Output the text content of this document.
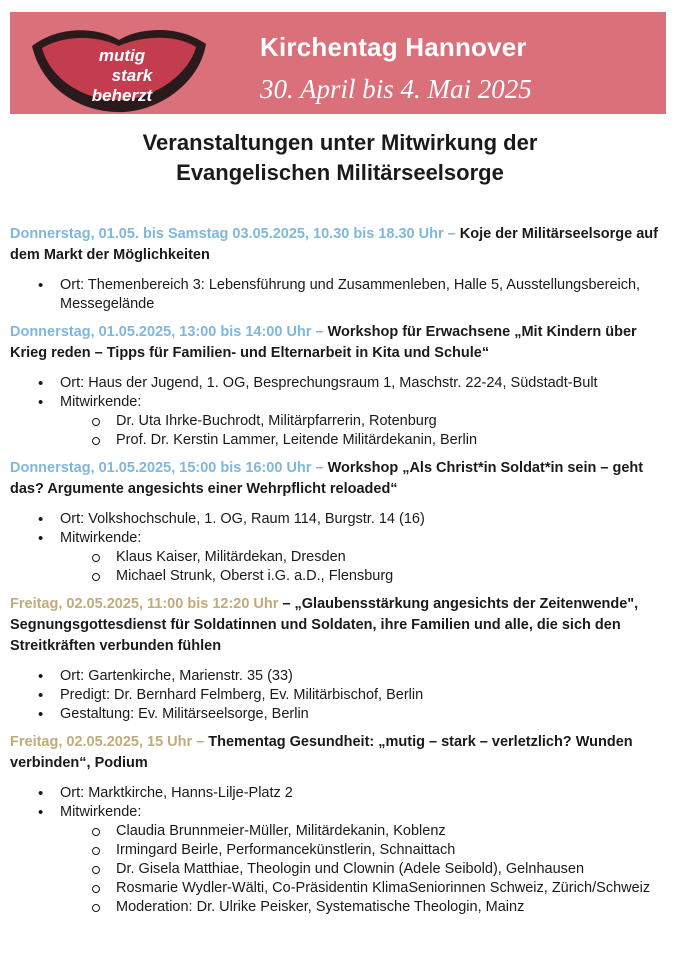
mutig
stark
beherzt
Kirchentag Hannover
30. April bis 4. Mai 2025
Veranstaltungen unter Mitwirkung der
Evangelischen Militärseelsorge

Donnerstag, 01.05. bis Samstag 03.05.2025, 10.30 bis 18.30 Uhr – Koje der Militärseelsorge auf dem Markt der Möglichkeiten

• Ort: Themenbereich 3: Lebensführung und Zusammenleben, Halle 5, Ausstellungsbereich, Messegelände

Donnerstag, 01.05.2025, 13:00 bis 14:00 Uhr – Workshop für Erwachsene „Mit Kindern über Krieg reden – Tipps für Familien- und Elternarbeit in Kita und Schule“

• Ort: Haus der Jugend, 1. OG, Besprechungsraum 1, Maschstr. 22-24, Südstadt-Bult
• Mitwirkende:
Dr. Uta Ihrke-Buchrodt, Militärpfarrerin, Rotenburg
Prof. Dr. Kerstin Lammer, Leitende Militärdekanin, Berlin

Donnerstag, 01.05.2025, 15:00 bis 16:00 Uhr – Workshop „Als Christ*in Soldat*in sein – geht das? Argumente angesichts einer Wehrpflicht reloaded“

• Ort: Volkshochschule, 1. OG, Raum 114, Burgstr. 14 (16)
• Mitwirkende:
Klaus Kaiser, Militärdekan, Dresden
Michael Strunk, Oberst i.G. a.D., Flensburg

Freitag, 02.05.2025, 11:00 bis 12:20 Uhr – „Glaubensstärkung angesichts der Zeitenwende", Segnungsgottesdienst für Soldatinnen und Soldaten, ihre Familien und alle, die sich den Streitkräften verbunden fühlen

• Ort: Gartenkirche, Marienstr. 35 (33)
• Predigt: Dr. Bernhard Felmberg, Ev. Militärbischof, Berlin
• Gestaltung: Ev. Militärseelsorge, Berlin

Freitag, 02.05.2025, 15 Uhr – Thementag Gesundheit: „mutig – stark – verletzlich? Wunden verbinden“, Podium

• Ort: Marktkirche, Hanns-Lilje-Platz 2
• Mitwirkende:
Claudia Brunnmeier-Müller, Militärdekanin, Koblenz
Irmingard Beirle, Performancekünstlerin, Schnaittach
Dr. Gisela Matthiae, Theologin und Clownin (Adele Seibold), Gelnhausen
Rosmarie Wydler-Wälti, Co-Präsidentin KlimaSeniorinnen Schweiz, Zürich/Schweiz
Moderation: Dr. Ulrike Peisker, Systematische Theologin, Mainz
